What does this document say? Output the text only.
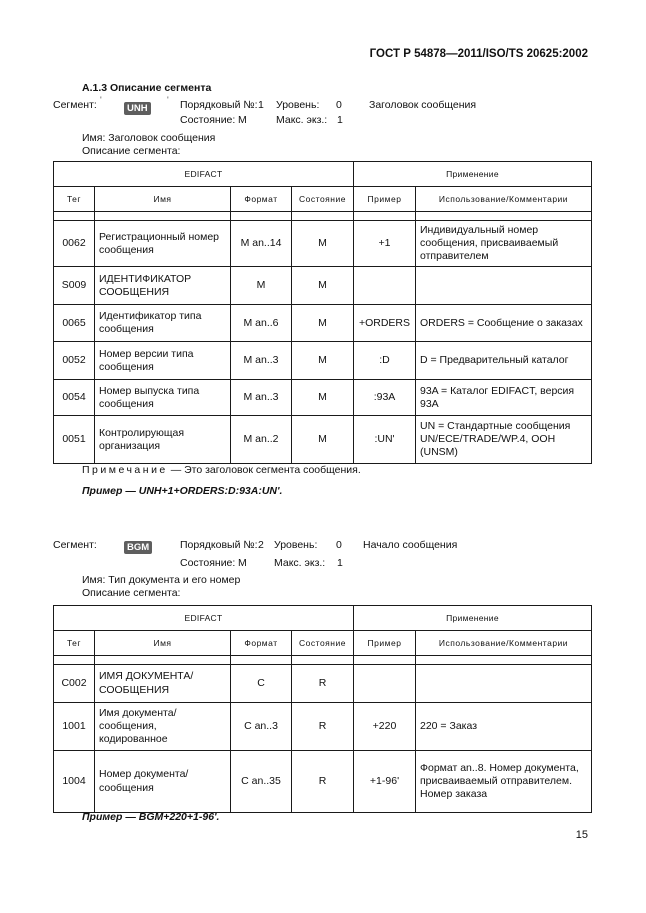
ГОСТ Р 54878—2011/ISO/TS 20625:2002
А.1.3 Описание сегмента
Сегмент: '
UNH
' Порядковый №: 1 Уровень: 0	Заголовок сообщения
Состояние: M	Макс. экз.: 1
Имя: Заголовок сообщения
Описание сегмента:
EDIFACT				Применение	
Тег	Имя	Формат	Состояние	Пример	Использование/Комментарии

0062	Регистрационный номер сообщения	M an..14	M	+1	Индивидуальный номер сообщения, присваиваемый отправителем
S009	ИДЕНТИФИКАТОР СООБЩЕНИЯ	M	M		
0065	Идентификатор типа сообщения	M an..6	M	+ORDERS	ORDERS = Сообщение о заказах
0052	Номер версии типа сообщения	M an..3	M	:D	D = Предварительный каталог
0054	Номер выпуска типа сообщения	M an..3	M	:93A	93A = Каталог EDIFACT, версия 93A
0051	Контролирующая организация	M an..2	M	:UN'	UN = Стандартные сообщения UN/ECE/TRADE/WP.4, OOH (UNSM)
Примечание — Это заголовок сегмента сообщения.
Пример — UNH+1+ORDERS:D:93A:UN'.
Сегмент:	BGM	Порядковый №: 2 Уровень: 0 Начало сообщения
Состояние: M	Макс. экз.: 1
Имя: Тип документа и его номер
Описание сегмента:
EDIFACT				Применение	
Тег	Имя	Формат	Состояние	Пример	Использование/Комментарии

C002	ИМЯ ДОКУМЕНТА/СООБЩЕНИЯ	C	R		
1001	Имя документа/сообщения, кодированное	C an..3	R	+220	220 = Заказ
1004	Номер документа/сообщения	C an..35	R	+1-96'	Формат an..8. Номер документа, присваиваемый отправителем. Номер заказа
Пример — BGM+220+1-96'.
15
